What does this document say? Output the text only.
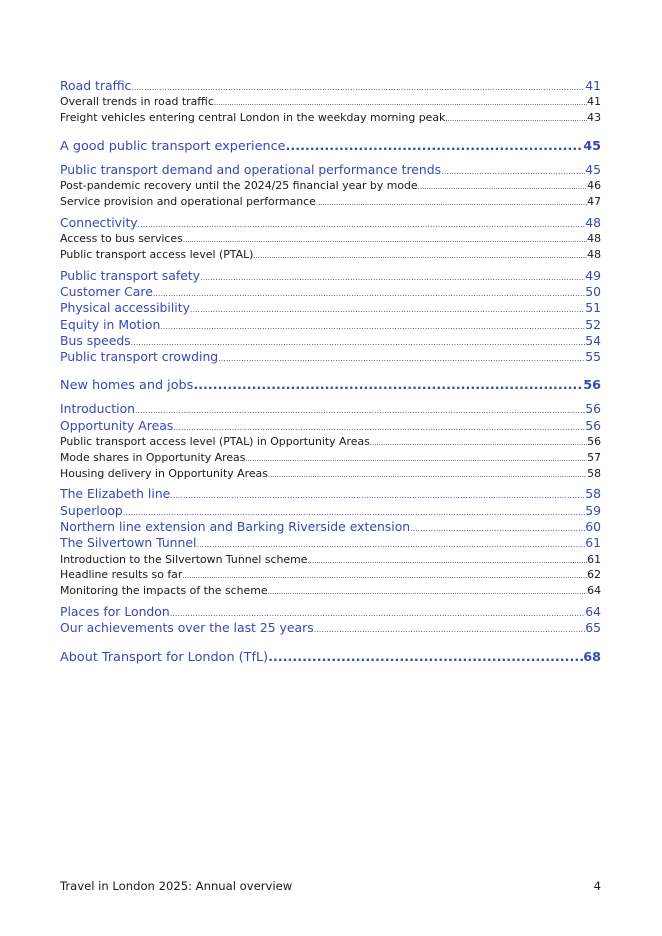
Road traffic .....	41
Overall trends in road traffic .....	41
Freight vehicles entering central London in the weekday morning peak .....	43
A good public transport experience .....	45
Public transport demand and operational performance trends .....	45
Post-pandemic recovery until the 2024/25 financial year by mode .....	46
Service provision and operational performance .....	47
Connectivity .....	48
Access to bus services .....	48
Public transport access level (PTAL) .....	48
Public transport safety .....	49
Customer Care .....	50
Physical accessibility .....	51
Equity in Motion .....	52
Bus speeds .....	54
Public transport crowding .....	55
New homes and jobs .....	56
Introduction .....	56
Opportunity Areas .....	56
Public transport access level (PTAL) in Opportunity Areas .....	56
Mode shares in Opportunity Areas .....	57
Housing delivery in Opportunity Areas .....	58
The Elizabeth line .....	58
Superloop .....	59
Northern line extension and Barking Riverside extension .....	60
The Silvertown Tunnel .....	61
Introduction to the Silvertown Tunnel scheme .....	61
Headline results so far .....	62
Monitoring the impacts of the scheme .....	64
Places for London .....	64
Our achievements over the last 25 years .....	65
About Transport for London (TfL) .....	68
Travel in London 2025: Annual overview	4
